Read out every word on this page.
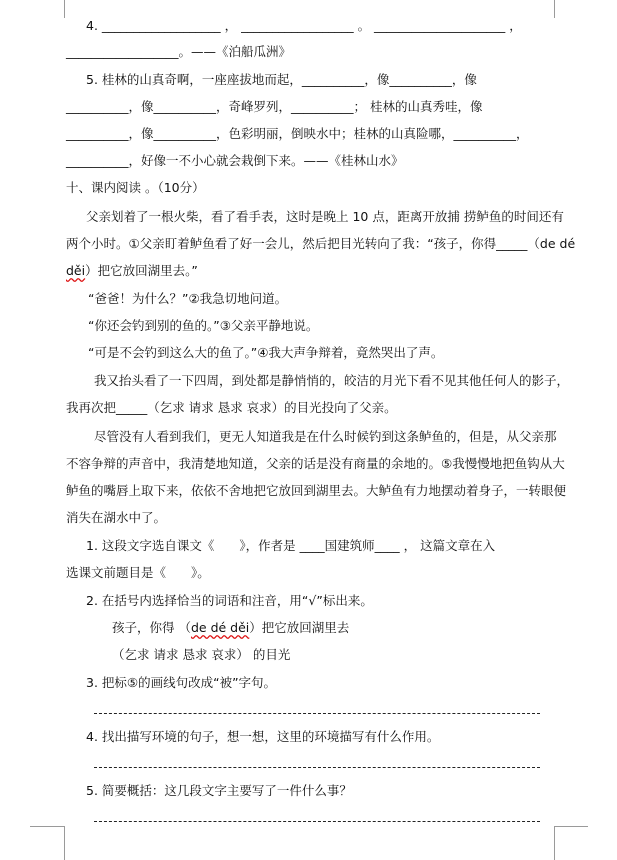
4. ___________________ ， __________________ 。 _____________________ ，
__________________。——《泊船瓜洲》
5. 桂林的山真奇啊，一座座拔地而起，__________，像__________，像
__________，像__________，奇峰罗列，__________； 桂林的山真秀哇，像
__________，像__________，色彩明丽，倒映水中；桂林的山真险哪，__________，
__________，好像一不小心就会栽倒下来。——《桂林山水》
十、课内阅读 。（10分）
父亲划着了一根火柴，看了看手表，这时是晚上 10 点，距离开放捕 捞鲈鱼的时间还有
两个小时。①父亲盯着鲈鱼看了好一会儿，然后把目光转向了我：“孩子，你得_____（de dé
děi）把它放回湖里去。”
“爸爸！为什么？”②我急切地问道。
“你还会钓到别的鱼的。”③父亲平静地说。
“可是不会钓到这么大的鱼了。”④我大声争辩着，竟然哭出了声。
我又抬头看了一下四周，到处都是静悄悄的，皎洁的月光下看不见其他任何人的影子，
我再次把_____（乞求 请求 恳求 哀求）的目光投向了父亲。
尽管没有人看到我们，更无人知道我是在什么时候钓到这条鲈鱼的，但是，从父亲那
不容争辩的声音中，我清楚地知道，父亲的话是没有商量的余地的。⑤我慢慢地把鱼钩从大
鲈鱼的嘴唇上取下来，依依不舍地把它放回到湖里去。大鲈鱼有力地摆动着身子，一转眼便
消失在湖水中了。
1. 这段文字选自课文《　　》，作者是 ____国建筑师____ ， 这篇文章在入
选课文前题目是《　　》。
2. 在括号内选择恰当的词语和注音，用“√”标出来。
孩子，你得 （de dé děi）把它放回湖里去
（乞求 请求 恳求 哀求） 的目光
3. 把标⑤的画线句改成“被”字句。
4. 找出描写环境的句子，想一想，这里的环境描写有什么作用。
5. 简要概括：这几段文字主要写了一件什么事？
